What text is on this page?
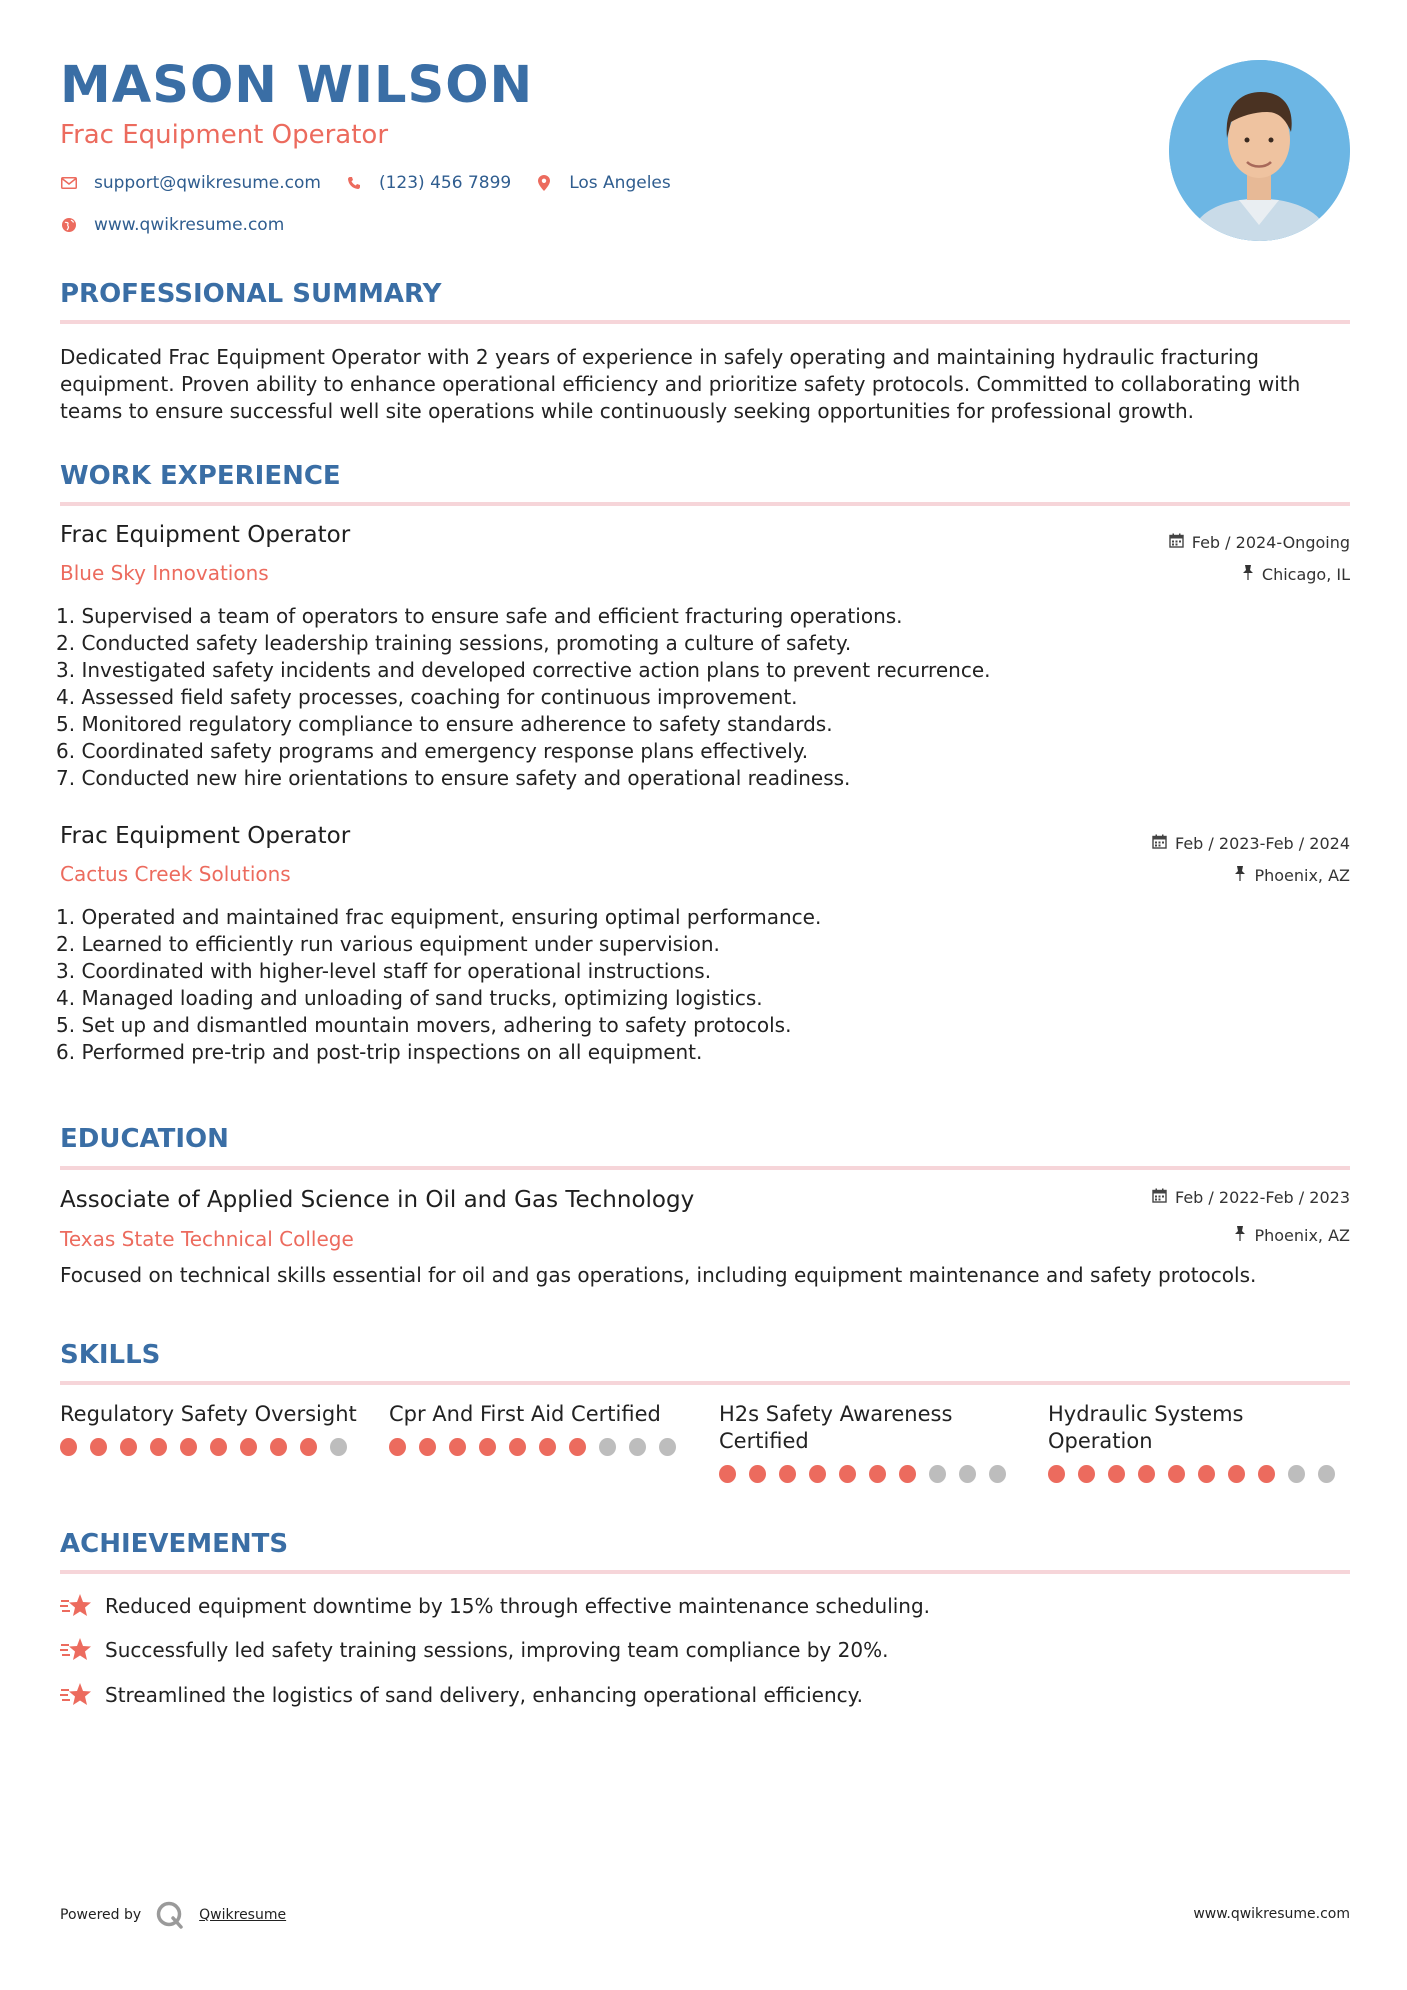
MASON WILSON
Frac Equipment Operator
support@qwikresume.com	(123) 456 7899	Los Angeles
www.qwikresume.com
PROFESSIONAL SUMMARY
Dedicated Frac Equipment Operator with 2 years of experience in safely operating and maintaining hydraulic fracturing equipment. Proven ability to enhance operational efficiency and prioritize safety protocols. Committed to collaborating with teams to ensure successful well site operations while continuously seeking opportunities for professional growth.
WORK EXPERIENCE
Frac Equipment Operator
Blue Sky Innovations
Feb / 2024-Ongoing
Chicago, IL
1. Supervised a team of operators to ensure safe and efficient fracturing operations.
2. Conducted safety leadership training sessions, promoting a culture of safety.
3. Investigated safety incidents and developed corrective action plans to prevent recurrence.
4. Assessed field safety processes, coaching for continuous improvement.
5. Monitored regulatory compliance to ensure adherence to safety standards.
6. Coordinated safety programs and emergency response plans effectively.
7. Conducted new hire orientations to ensure safety and operational readiness.
Frac Equipment Operator
Cactus Creek Solutions
Feb / 2023-Feb / 2024
Phoenix, AZ
1. Operated and maintained frac equipment, ensuring optimal performance.
2. Learned to efficiently run various equipment under supervision.
3. Coordinated with higher-level staff for operational instructions.
4. Managed loading and unloading of sand trucks, optimizing logistics.
5. Set up and dismantled mountain movers, adhering to safety protocols.
6. Performed pre-trip and post-trip inspections on all equipment.
EDUCATION
Associate of Applied Science in Oil and Gas Technology
Texas State Technical College
Feb / 2022-Feb / 2023
Phoenix, AZ
Focused on technical skills essential for oil and gas operations, including equipment maintenance and safety protocols.
SKILLS
Regulatory Safety Oversight Cpr And First Aid Certified	H2s Safety Awareness Certified
Hydraulic Systems Operation
ACHIEVEMENTS
Reduced equipment downtime by 15% through effective maintenance scheduling.
Successfully led safety training sessions, improving team compliance by 20%.
Streamlined the logistics of sand delivery, enhancing operational efficiency.
Powered by	Qwikresume	www.qwikresume.com
